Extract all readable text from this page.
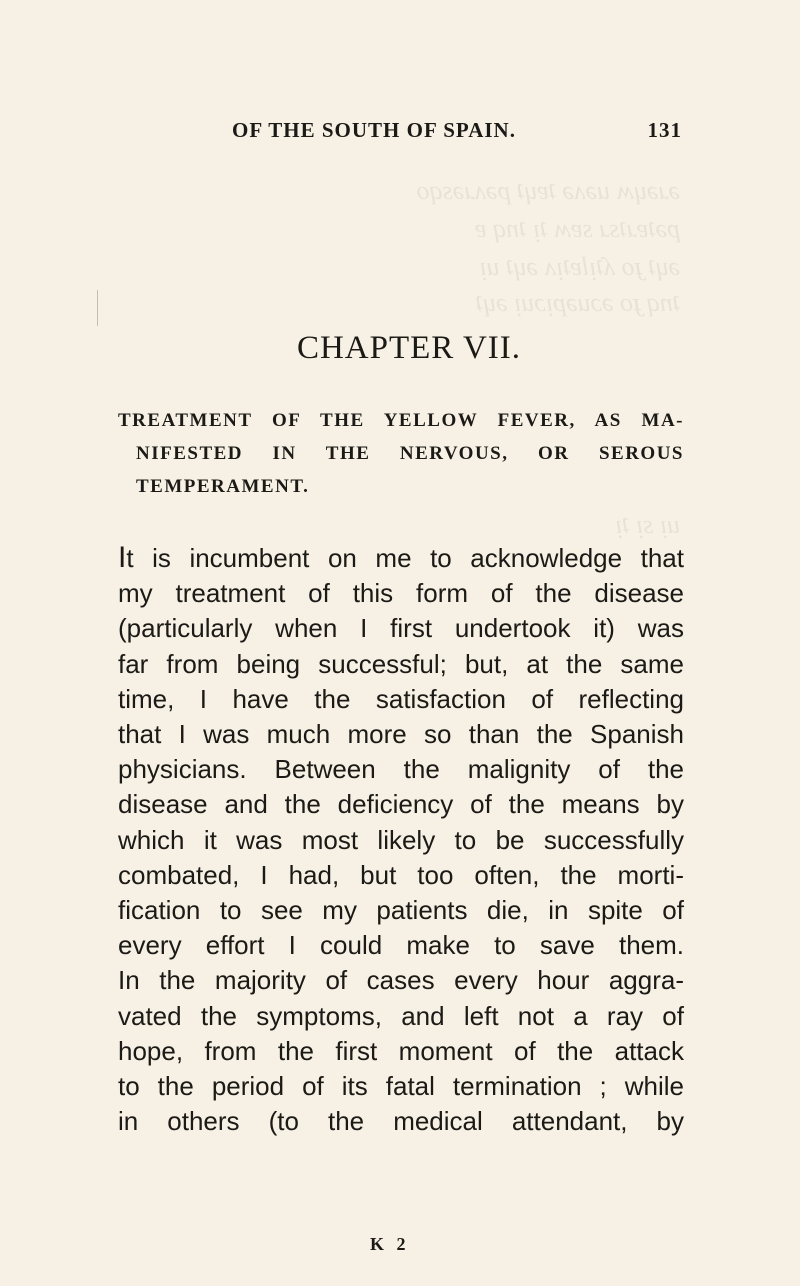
OF THE SOUTH OF SPAIN.	131
ǝɹǝɥʍ uǝʌǝ ʇɐɥʇ pǝʌɹǝsqo
pǝʇɐɹʇsɹ sɐʍ ʇᴉ ʇnq ɐ
ǝɥʇ ɟo ʎʇᴉlɐʇᴉʌ ǝɥʇ uᴉ
ʇnq ɟo ǝɔuǝpᴉɔuᴉ ǝɥʇ
uᴉ sᴉ ʇᴉ
CHAPTER VII.
TREATMENT OF THE YELLOW FEVER, AS MA-
NIFESTED IN THE NERVOUS, OR SEROUS
TEMPERAMENT.
It is incumbent on me to acknowledge that
my treatment of this form of the disease
(particularly when I first undertook it) was
far from being successful; but, at the same
time, I have the satisfaction of reflecting
that I was much more so than the Spanish
physicians. Between the malignity of the
disease and the deficiency of the means by
which it was most likely to be successfully
combated, I had, but too often, the morti-
fication to see my patients die, in spite of
every effort I could make to save them.
In the majority of cases every hour aggra-
vated the symptoms, and left not a ray of
hope, from the first moment of the attack
to the period of its fatal termination ; while
in others (to the medical attendant, by
K 2
